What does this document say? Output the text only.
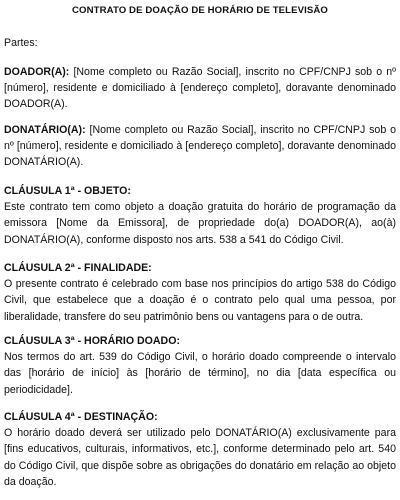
CONTRATO DE DOAÇÃO DE HORÁRIO DE TELEVISÃO
Partes:

DOADOR(A): [Nome completo ou Razão Social], inscrito no CPF/CNPJ sob o nº [número], residente e domiciliado à [endereço completo], doravante denominado DOADOR(A).

DONATÁRIO(A): [Nome completo ou Razão Social], inscrito no CPF/CNPJ sob o nº [número], residente e domiciliado à [endereço completo], doravante denominado DONATÁRIO(A).

CLÁUSULA 1ª - OBJETO:

Este contrato tem como objeto a doação gratuita do horário de programação da emissora [Nome da Emissora], de propriedade do(a) DOADOR(A), ao(à) DONATÁRIO(A), conforme disposto nos arts. 538 a 541 do Código Civil.

CLÁUSULA 2ª - FINALIDADE:

O presente contrato é celebrado com base nos princípios do artigo 538 do Código Civil, que estabelece que a doação é o contrato pelo qual uma pessoa, por liberalidade, transfere do seu patrimônio bens ou vantagens para o de outra.

CLÁUSULA 3ª - HORÁRIO DOADO:

Nos termos do art. 539 do Código Civil, o horário doado compreende o intervalo das [horário de início] às [horário de término], no dia [data específica ou periodicidade].

CLÁUSULA 4ª - DESTINAÇÃO:

O horário doado deverá ser utilizado pelo DONATÁRIO(A) exclusivamente para [fins educativos, culturais, informativos, etc.], conforme determinado pelo art. 540 do Código Civil, que dispõe sobre as obrigações do donatário em relação ao objeto da doação.
